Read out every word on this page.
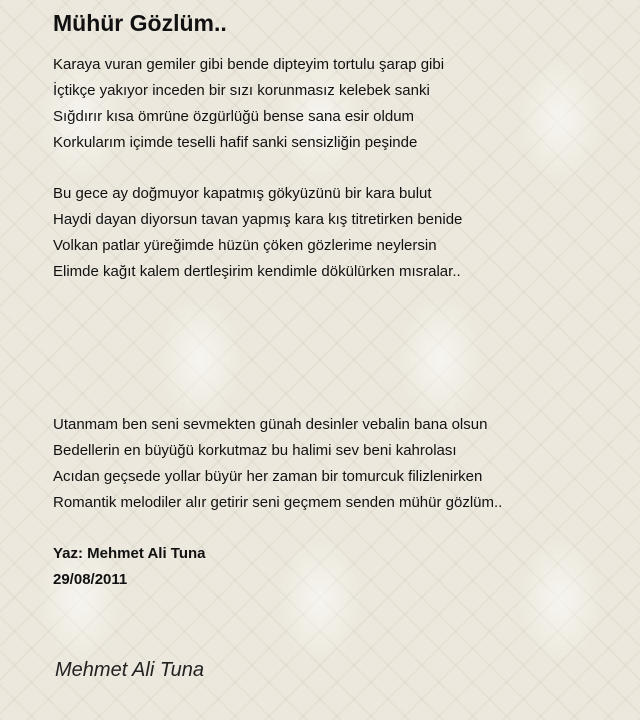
Mühür Gözlüm..
Karaya vuran gemiler gibi bende dipteyim tortulu şarap gibi
İçtikçe yakıyor inceden bir sızı korunmasız kelebek sanki
Sığdırır kısa ömrüne özgürlüğü bense sana esir oldum
Korkularım içimde teselli hafif sanki sensizliğin peşinde
Bu gece ay doğmuyor kapatmış gökyüzünü bir kara bulut
Haydi dayan diyorsun tavan yapmış kara kış titretirken benide
Volkan patlar yüreğimde hüzün çöken gözlerime neylersin
Elimde kağıt kalem dertleşirim kendimle dökülürken mısralar..
Utanmam ben seni sevmekten günah desinler vebalin bana olsun
Bedellerin en büyüğü korkutmaz bu halimi sev beni kahrolası
Acıdan geçsede yollar büyür her zaman bir tomurcuk filizlenirken
Romantik melodiler alır getirir seni geçmem senden mühür gözlüm..
Yaz: Mehmet Ali Tuna
29/08/2011
Mehmet Ali Tuna
